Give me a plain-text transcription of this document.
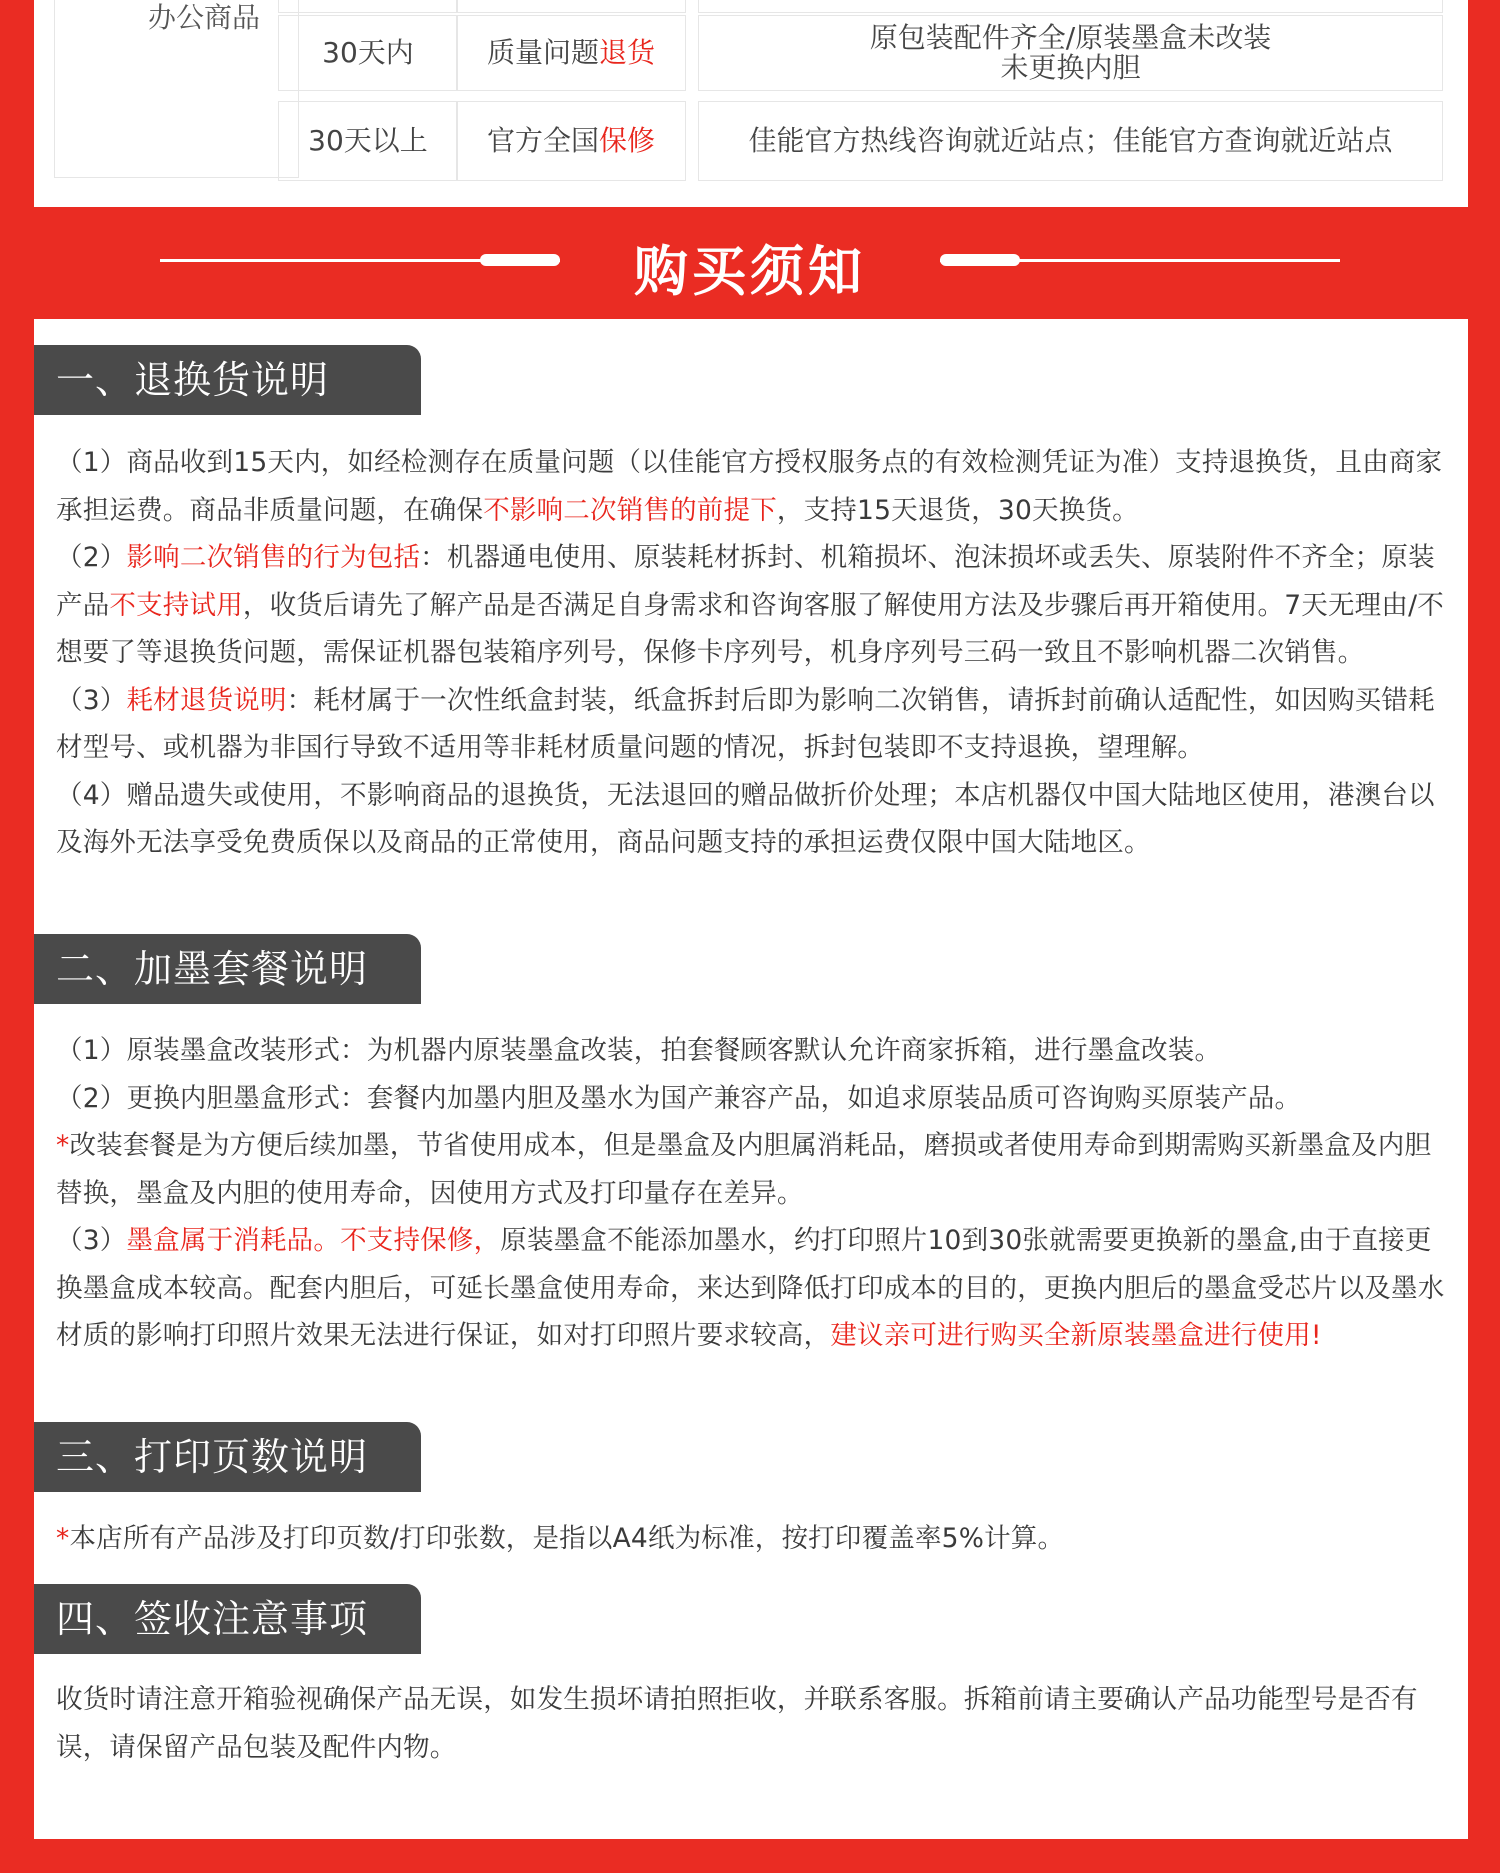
办公商品
30天内	质量问题 退货	原包装配件齐全/原装墨盒未改装
未更换内胆
30天以上 官方全国 保修	佳能官方热线咨询就近站点；佳能官方查询就近站点
购买须知
一、退换货说明

（1）商品收到15天内，如经检测存在质量问题（以佳能官方授权服务点的有效检测凭证为准）支持退换货，且由商家承担运费。商品非质量问题，在确保不影响二次销售的前提下，支持15天退货，30天换货。

（2）影响二次销售的行为包括：机器通电使用、原装耗材拆封、机箱损坏、泡沫损坏或丢失、原装附件不齐全；原装产品不支持试用，收货后请先了解产品是否满足自身需求和咨询客服了解使用方法及步骤后再开箱使用。7天无理由/不想要了等退换货问题，需保证机器包装箱序列号，保修卡序列号，机身序列号三码一致且不影响机器二次销售。

（3）耗材退货说明：耗材属于一次性纸盒封装，纸盒拆封后即为影响二次销售，请拆封前确认适配性，如因购买错耗材型号、或机器为非国行导致不适用等非耗材质量问题的情况，拆封包装即不支持退换，望理解。

（4）赠品遗失或使用，不影响商品的退换货，无法退回的赠品做折价处理；本店机器仅中国大陆地区使用，港澳台以及海外无法享受免费质保以及商品的正常使用，商品问题支持的承担运费仅限中国大陆地区。

二、加墨套餐说明

（1）原装墨盒改装形式：为机器内原装墨盒改装，拍套餐顾客默认允许商家拆箱，进行墨盒改装。

（2）更换内胆墨盒形式：套餐内加墨内胆及墨水为国产兼容产品，如追求原装品质可咨询购买原装产品。

*改装套餐是为方便后续加墨，节省使用成本，但是墨盒及内胆属消耗品，磨损或者使用寿命到期需购买新墨盒及内胆替换，墨盒及内胆的使用寿命，因使用方式及打印量存在差异。

（3）墨盒属于消耗品。不支持保修，原装墨盒不能添加墨水，约打印照片10到30张就需要更换新的墨盒,由于直接更换墨盒成本较高。配套内胆后，可延长墨盒使用寿命，来达到降低打印成本的目的，更换内胆后的墨盒受芯片以及墨水材质的影响打印照片效果无法进行保证，如对打印照片要求较高，建议亲可进行购买全新原装墨盒进行使用!

三、打印页数说明

*本店所有产品涉及打印页数/打印张数，是指以A4纸为标准，按打印覆盖率5%计算。

四、签收注意事项

收货时请注意开箱验视确保产品无误，如发生损坏请拍照拒收，并联系客服。拆箱前请主要确认产品功能型号是否有误，请保留产品包装及配件内物。
